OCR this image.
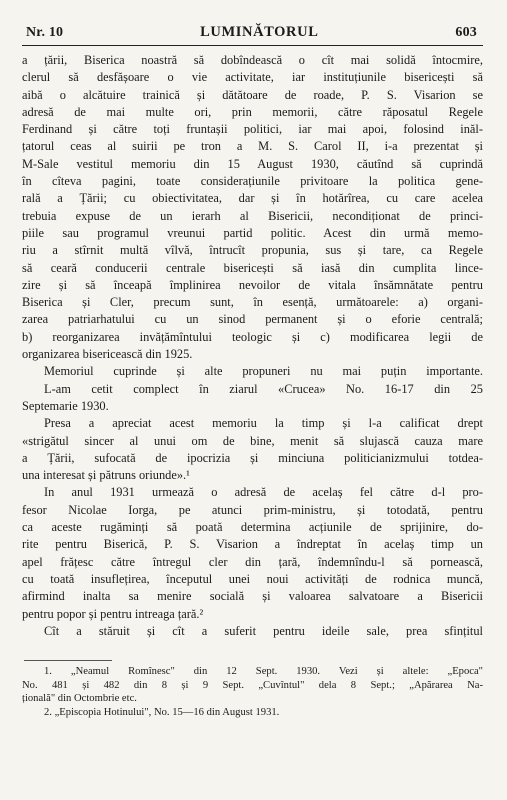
Nr. 10	LUMINĂTORUL	603

a țării, Biserica noastră să dobîndească o cît mai solidă întocmire,

clerul să desfășoare o vie activitate, iar instituțiunile bisericești să

aibă o alcătuire trainică și dătătoare de roade, P. S. Visarion se

adresă de mai multe ori, prin memorii, către răposatul Regele

Ferdinand și către toți fruntașii politici, iar mai apoi, folosind inăl-

țatorul ceas al suirii pe tron a M. S. Carol II, i-a prezentat și

M-Sale vestitul memoriu din 15 August 1930, căutînd să cuprindă

în cîteva pagini, toate considerațiunile privitoare la politica gene-

rală a Țării; cu obiectivitatea, dar și în hotărîrea, cu care acelea

trebuia expuse de un ierarh al Bisericii, necondiționat de princi-

piile sau programul vreunui partid politic. Acest din urmă memo-

riu a stîrnit multă vîlvă, întrucît propunia, sus și tare, ca Regele

să ceară conducerii centrale bisericești să iasă din cumplita lince-

zire și să înceapă împlinirea nevoilor de vitala însămnătate pentru

Biserica și Cler, precum sunt, în esență, următoarele: a) organi-

zarea patriarhatului cu un sinod permanent și o eforie centrală;

b) reorganizarea invățămîntului teologic și c) modificarea legii de

organizarea bisericească din 1925.

Memoriul cuprinde și alte propuneri nu mai puțin importante.

L-am cetit complect în ziarul «Crucea» No. 16-17 din 25

Septemarie 1930.

Presa a apreciat acest memoriu la timp și l-a calificat drept

«strigătul sincer al unui om de bine, menit să slujască cauza mare

a Țării, sufocată de ipocrizia și minciuna politicianizmului totdea-

una interesat și pătruns oriunde».¹

In anul 1931 urmează o adresă de acelaș fel către d-l pro-

fesor Nicolae Iorga, pe atunci prim-ministru, și totodată, pentru

ca aceste rugăminți să poată determina acțiunile de sprijinire, do-

rite pentru Biserică, P. S. Visarion a îndreptat în acelaș timp un

apel frățesc către întregul cler din țară, îndemnîndu-l să pornească,

cu toată insuflețirea, începutul unei noui activități de rodnica muncă,

afirmind inalta sa menire socială și valoarea salvatoare a Bisericii

pentru popor și pentru intreaga țară.²

Cît a stăruit și cît a suferit pentru ideile sale, prea sfințitul

1. „Neamul Romînesc" din 12 Sept. 1930. Vezi și altele: „Epoca"

No. 481 și 482 din 8 și 9 Sept. „Cuvîntul" dela 8 Sept.; „Apărarea Na-

țională" din Octombrie etc.

2. „Episcopia Hotinului", No. 15—16 din August 1931.
